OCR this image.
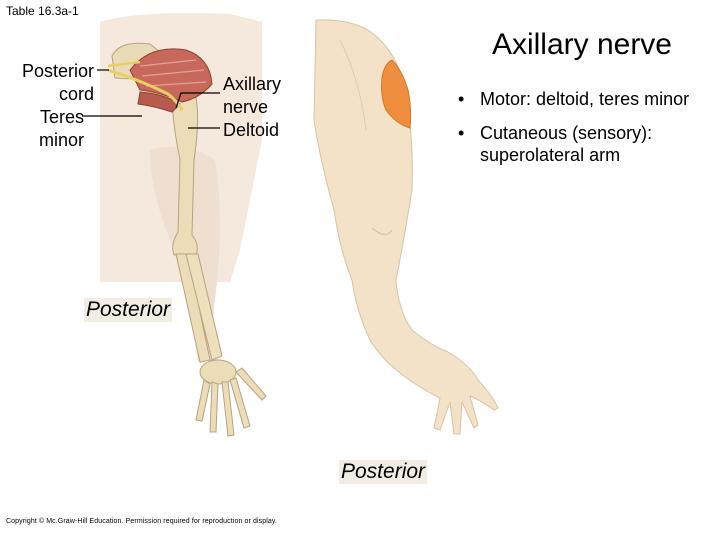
Table 16.3a-1
Axillary nerve
Posterior cord
Teres minor
Axillary nerve
Deltoid
• Motor: deltoid, teres minor
• Cutaneous (sensory): superolateral arm
Posterior
Posterior
Copyright © Mc.Graw-Hill Education. Permission required for reproduction or display.
